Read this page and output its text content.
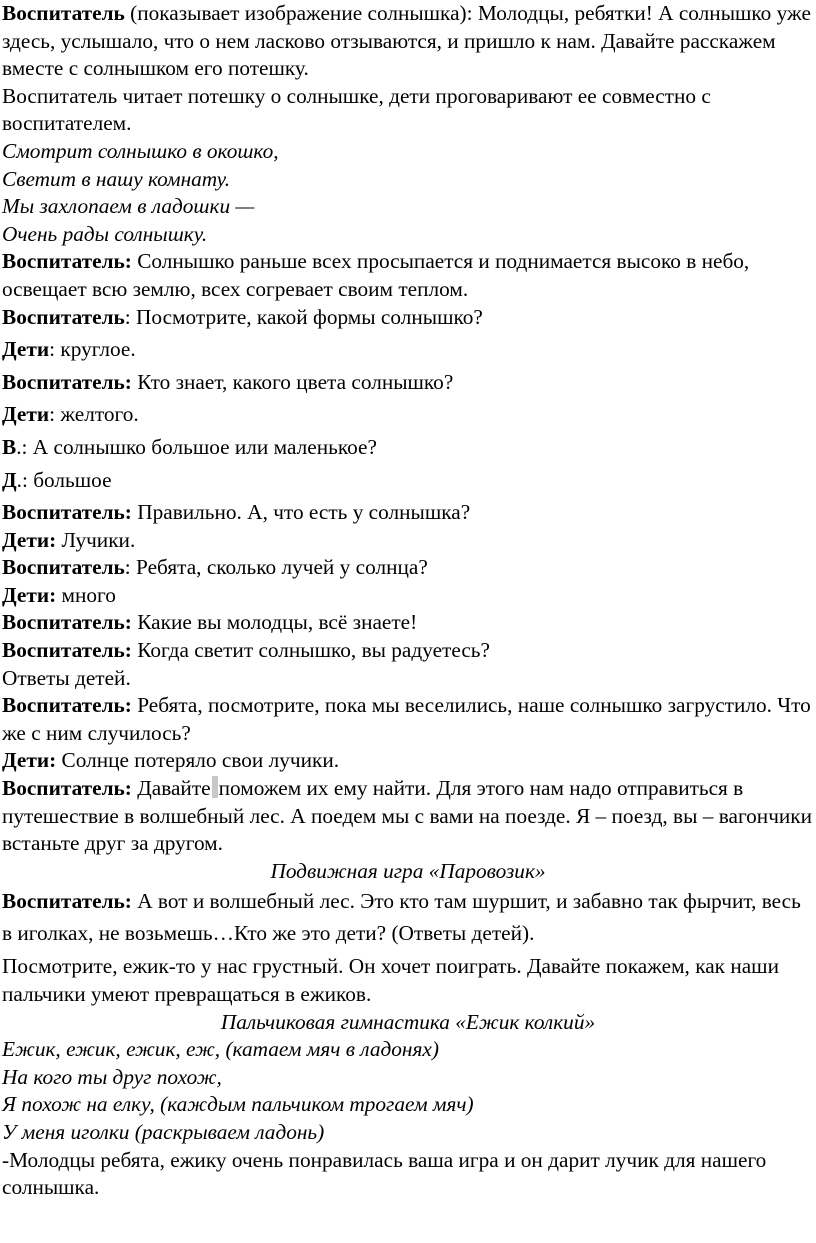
Воспитатель (показывает изображение солнышка): Молодцы, ребятки! А солнышко уже здесь, услышало, что о нем ласково отзываются, и пришло к нам. Давайте расскажем вместе с солнышком его потешку.

Воспитатель читает потешку о солнышке, дети проговаривают ее совместно с воспитателем.

Смотрит солнышко в окошко,

Светит в нашу комнату.

Мы захлопаем в ладошки —

Очень рады солнышку.

Воспитатель: Солнышко раньше всех просыпается и поднимается высоко в небо, освещает всю землю, всех согревает своим теплом.

Воспитатель: Посмотрите, какой формы солнышко?

Дети: круглое.

Воспитатель: Кто знает, какого цвета солнышко?

Дети: желтого.

В.: А солнышко большое или маленькое?

Д.: большое

Воспитатель: Правильно. А, что есть у солнышка?

Дети: Лучики.

Воспитатель: Ребята, сколько лучей у солнца?

Дети: много

Воспитатель: Какие вы молодцы, всё знаете!

Воспитатель: Когда светит солнышко, вы радуетесь?

Ответы детей.

Воспитатель: Ребята, посмотрите, пока мы веселились, наше солнышко загрустило. Что же с ним случилось?

Дети: Солнце потеряло свои лучики.

Воспитатель: Давайте поможем их ему найти. Для этого нам надо отправиться в путешествие в волшебный лес. А поедем мы с вами на поезде. Я – поезд, вы – вагончики встаньте друг за другом.

Подвижная игра «Паровозик»

Воспитатель: А вот и волшебный лес. Это кто там шуршит, и забавно так фырчит, весь в иголках, не возьмешь…Кто же это дети? (Ответы детей).

Посмотрите, ежик-то у нас грустный. Он хочет поиграть. Давайте покажем, как наши пальчики умеют превращаться в ежиков.

Пальчиковая гимнастика «Ежик колкий»

Ежик, ежик, ежик, еж, (катаем мяч в ладонях)

На кого ты друг похож,

Я похож на елку, (каждым пальчиком трогаем мяч)

У меня иголки (раскрываем ладонь)

-Молодцы ребята, ежику очень понравилась ваша игра и он дарит лучик для нашего солнышка.
